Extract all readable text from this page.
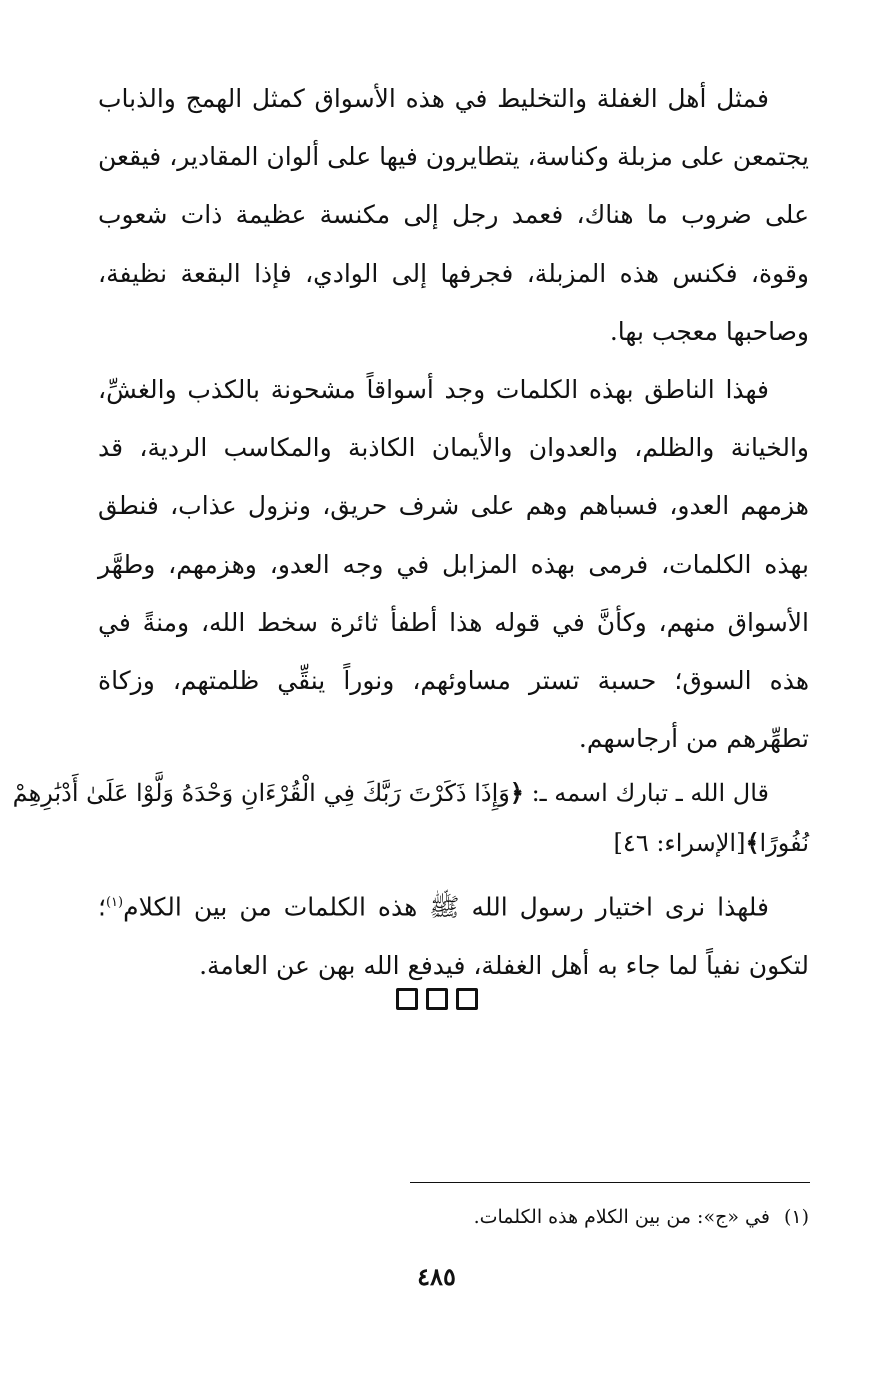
فمثل أهل الغفلة والتخليط في هذه الأسواق كمثل الهمج والذباب يجتمعن على مزبلة وكناسة، يتطايرون فيها على ألوان المقادير، فيقعن على ضروب ما هناك، فعمد رجل إلى مكنسة عظيمة ذات شعوب وقوة، فكنس هذه المزبلة، فجرفها إلى الوادي، فإذا البقعة نظيفة، وصاحبها معجب بها.

فهذا الناطق بهذه الكلمات وجد أسواقاً مشحونة بالكذب والغشِّ، والخيانة والظلم، والعدوان والأيمان الكاذبة والمكاسب الردية، قد هزمهم العدو، فسباهم وهم على شرف حريق، ونزول عذاب، فنطق بهذه الكلمات، فرمى بهذه المزابل في وجه العدو، وهزمهم، وطهَّر الأسواق منهم، وكأنَّ في قوله هذا أطفأ ثائرة سخط الله، ومنةً في هذه السوق؛ حسبة تستر مساوئهم، ونوراً ينقِّي ظلمتهم، وزكاة تطهِّرهم من أرجاسهم.

قال الله ـ تبارك اسمه ـ: ﴿وَإِذَا ذَكَرْتَ رَبَّكَ فِي الْقُرْءَانِ وَحْدَهُ وَلَّوْا عَلَىٰ أَدْبَٰرِهِمْ

نُفُورًا﴾[الإسراء: ٤٦]

فلهذا نرى اختيار رسول الله ﷺ هذه الكلمات من بين الكلام$^{(١)}$؛ لتكون نفياً لما جاء به أهل الغفلة، فيدفع الله بهن عن العامة.

(١)في «ج»: من بين الكلام هذه الكلمات.
٤٨٥
